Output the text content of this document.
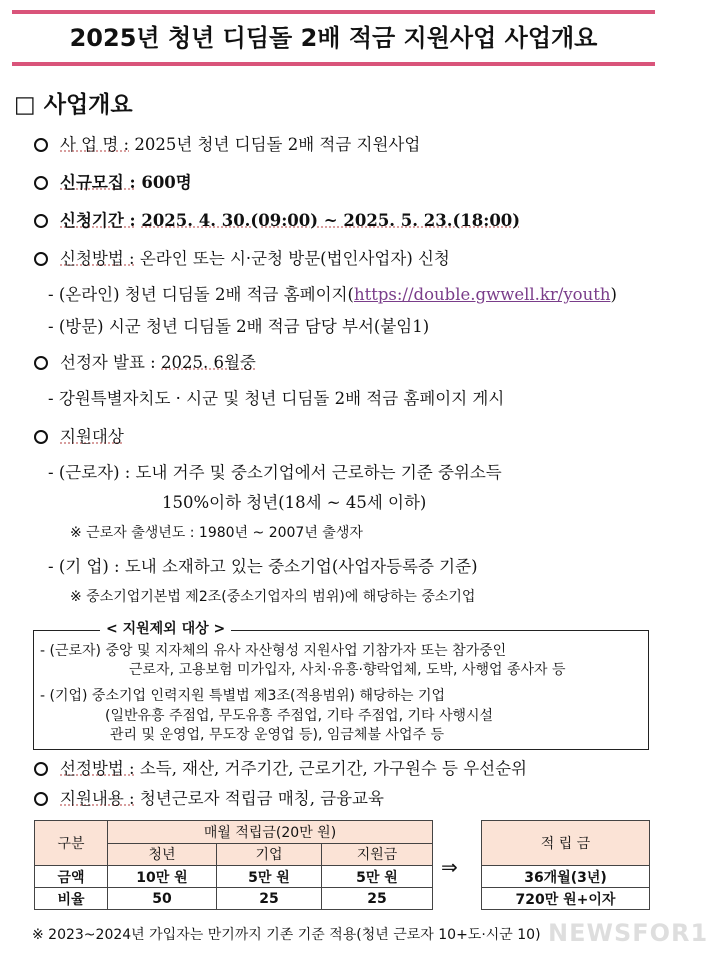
2025년 청년 디딤돌 2배 적금 지원사업 사업개요
□ 사업개요
사 업 명 : 2025년 청년 디딤돌 2배 적금 지원사업
신규모집 : 600명
신청기간 : 2025. 4. 30.(09:00) ~ 2025. 5. 23.(18:00)
신청방법 : 온라인 또는 시·군청 방문(법인사업자) 신청
- (온라인) 청년 디딤돌 2배 적금 홈페이지(https://double.gwwell.kr/youth)
- (방문) 시군 청년 디딤돌 2배 적금 담당 부서(붙임1)
선정자 발표 : 2025. 6월중
- 강원특별자치도 · 시군 및 청년 디딤돌 2배 적금 홈페이지 게시
지원대상
- (근로자) : 도내 거주 및 중소기업에서 근로하는 기준 중위소득
150%이하 청년(18세 ~ 45세 이하)
※ 근로자 출생년도 : 1980년 ~ 2007년 출생자
- (기 업) : 도내 소재하고 있는 중소기업(사업자등록증 기준)
※ 중소기업기본법 제2조(중소기업자의 범위)에 해당하는 중소기업
< 지원제외 대상 >
- (근로자) 중앙 및 지자체의 유사 자산형성 지원사업 기참가자 또는 참가중인
근로자, 고용보험 미가입자, 사치·유흥·향락업체, 도박, 사행업 종사자 등
- (기업) 중소기업 인력지원 특별법 제3조(적용범위) 해당하는 기업
(일반유흥 주점업, 무도유흥 주점업, 기타 주점업, 기타 사행시설
관리 및 운영업, 무도장 운영업 등), 임금체불 사업주 등
선정방법 : 소득, 재산, 거주기간, 근로기간, 가구원수 등 우선순위
지원내용 : 청년근로자 적립금 매칭, 금융교육
구분	매월 적립금(20만 원)		
	청년	기업	지원금
금액	10만 원	5만 원	5만 원
비율	50	25	25
⇒
적 립 금
36개월(3년)
720만 원+이자
※ 2023~2024년 가입자는 만기까지 기존 기준 적용(청년 근로자 10+도·시군 10) NEWSFOR1
